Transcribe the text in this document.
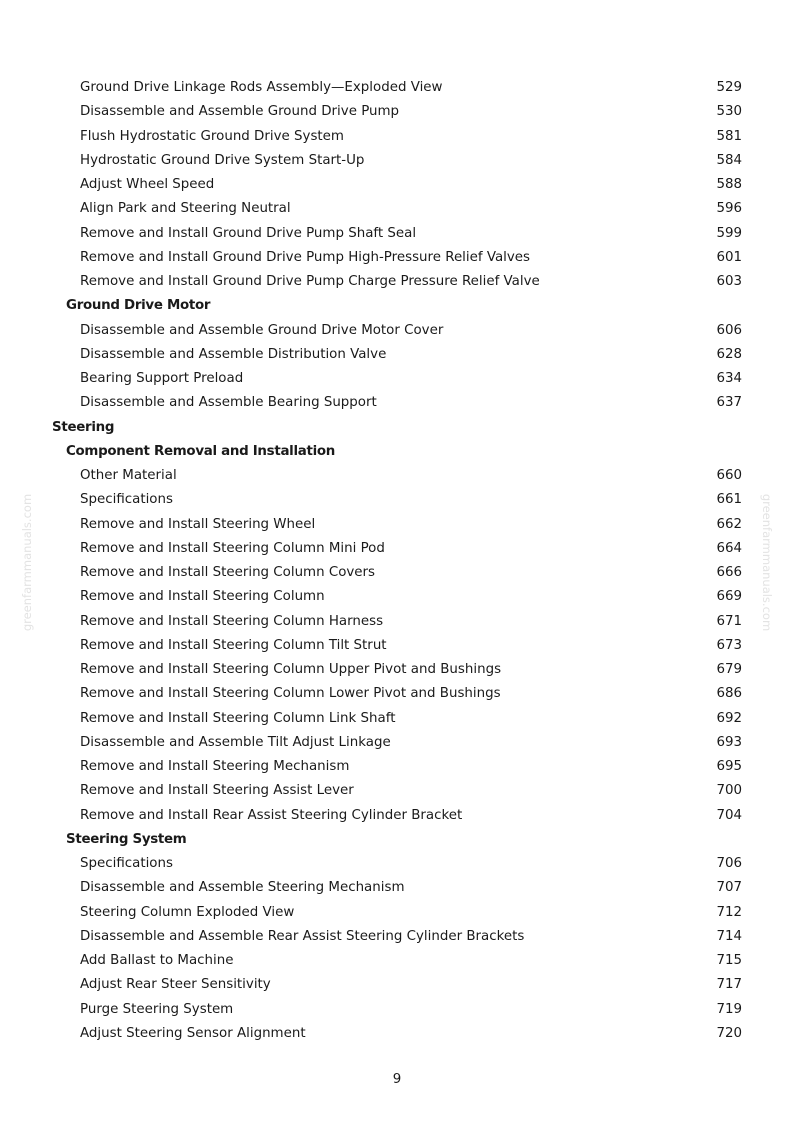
Ground Drive Linkage Rods Assembly—Exploded View	529
Disassemble and Assemble Ground Drive Pump	530
Flush Hydrostatic Ground Drive System	581
Hydrostatic Ground Drive System Start-Up	584
Adjust Wheel Speed	588
Align Park and Steering Neutral	596
Remove and Install Ground Drive Pump Shaft Seal	599
Remove and Install Ground Drive Pump High-Pressure Relief Valves	601
Remove and Install Ground Drive Pump Charge Pressure Relief Valve	603
Ground Drive Motor
Disassemble and Assemble Ground Drive Motor Cover	606
Disassemble and Assemble Distribution Valve	628
Bearing Support Preload	634
Disassemble and Assemble Bearing Support	637
Steering
Component Removal and Installation
Other Material	660
Specifications	661
Remove and Install Steering Wheel	662
Remove and Install Steering Column Mini Pod	664
Remove and Install Steering Column Covers	666
Remove and Install Steering Column	669
Remove and Install Steering Column Harness	671
Remove and Install Steering Column Tilt Strut	673
Remove and Install Steering Column Upper Pivot and Bushings	679
Remove and Install Steering Column Lower Pivot and Bushings	686
Remove and Install Steering Column Link Shaft	692
Disassemble and Assemble Tilt Adjust Linkage	693
Remove and Install Steering Mechanism	695
Remove and Install Steering Assist Lever	700
Remove and Install Rear Assist Steering Cylinder Bracket	704
Steering System
Specifications	706
Disassemble and Assemble Steering Mechanism	707
Steering Column Exploded View	712
Disassemble and Assemble Rear Assist Steering Cylinder Brackets	714
Add Ballast to Machine	715
Adjust Rear Steer Sensitivity	717
Purge Steering System	719
Adjust Steering Sensor Alignment	720
greenfarmmanuals.com	greenfarmmanuals.com
9
